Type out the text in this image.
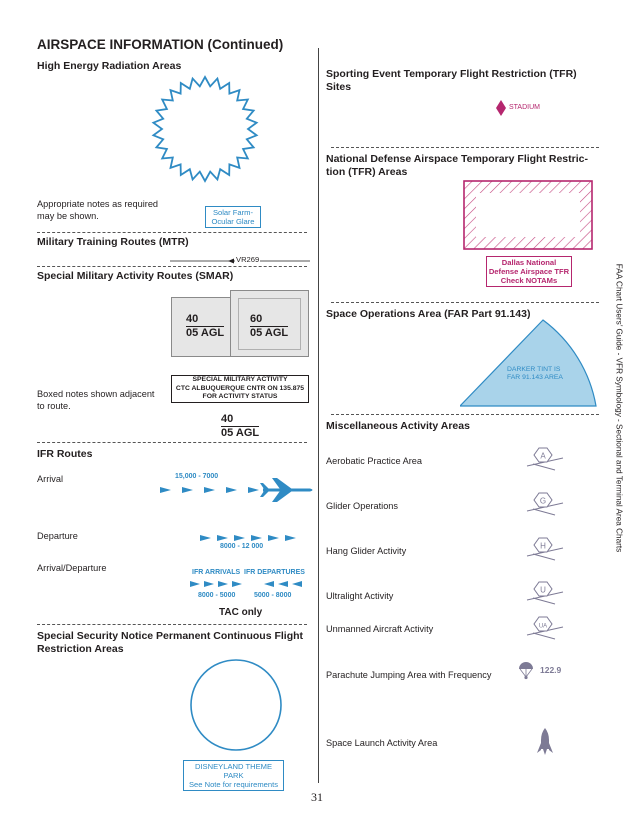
AIRSPACE INFORMATION (Continued)
FAA Chart Users’ Guide - VFR Symbology - Sectional and Terminal Area Charts
High Energy Radiation Areas
Appropriate notes as required
may be shown.	Solar Farm-
Ocular Glare
Military Training Routes (MTR)
VR269
Special Military Activity Routes (SMAR)
40
05 AGL
60
05 AGL
SPECIAL MILITARY ACTIVITY
CTC ALBUQUERQUE CNTR ON 135.875
FOR ACTIVITY STATUS
Boxed notes shown adjacent
to route.
40
05 AGL
IFR Routes
Arrival	15,000 - 7000
Departure
8000 - 12 000
Arrival/Departure	IFR ARRIVALS IFR DEPARTURES
8000 - 5000	5000 - 8000
TAC only
Special Security Notice Permanent Continuous Flight
Restriction Areas
DISNEYLAND THEME PARK
See Note for requirements
31
Sporting Event Temporary Flight Restriction (TFR)
Sites
STADIUM
National Defense Airspace Temporary Flight Restric-
tion (TFR) Areas
Dallas National
Defense Airspace TFR
Check NOTAMs
Space Operations Area (FAR Part 91.143)
DARKER TINT IS
FAR 91.143 AREA
Miscellaneous Activity Areas
Aerobatic Practice Area
Glider Operations
Hang Glider Activity
Ultralight Activity
Unmanned Aircraft Activity
Parachute Jumping Area with Frequency
Space Launch Activity Area
A
G
H
U
UA
122.9
